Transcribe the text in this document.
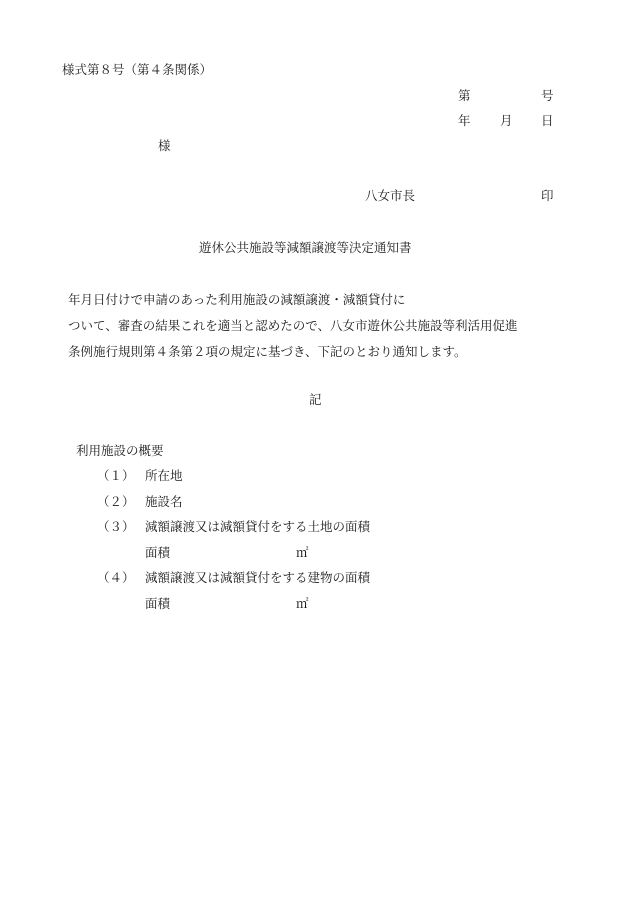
様式第８号（第４条関係）
第	号
年 月 日
様
八女市長	印
遊休公共施設等減額譲渡等決定通知書
年月日付けで申請のあった利用施設の減額譲渡・減額貸付に
ついて、審査の結果これを適当と認めたので、八女市遊休公共施設等利活用促進
条例施行規則第４条第２項の規定に基づき、下記のとおり通知します。
記
利用施設の概要
（１） 所在地
（２） 施設名
（３） 減額譲渡又は減額貸付をする土地の面積
面積	㎡
（４） 減額譲渡又は減額貸付をする建物の面積
面積	㎡
